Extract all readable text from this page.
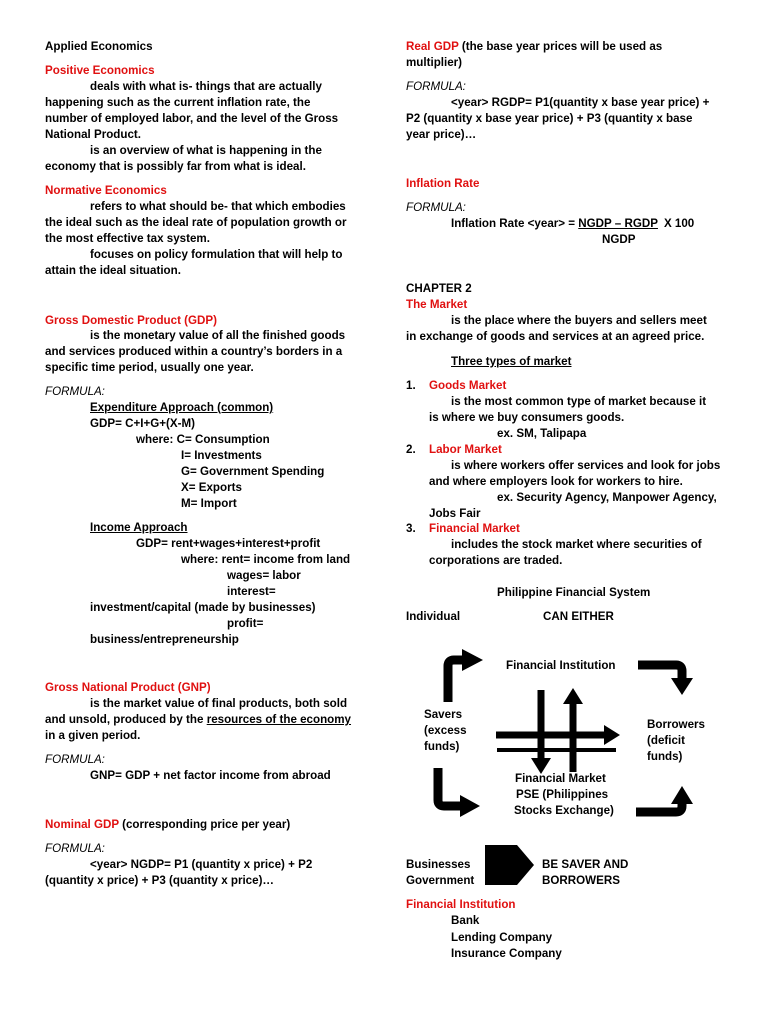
Applied Economics
Positive Economics
deals with what is- things that are actually
happening such as the current inflation rate, the
number of employed labor, and the level of the Gross
National Product.
is an overview of what is happening in the
economy that is possibly far from what is ideal.
Normative Economics
refers to what should be- that which embodies
the ideal such as the ideal rate of population growth or
the most effective tax system.
focuses on policy formulation that will help to
attain the ideal situation.
Gross Domestic Product (GDP)
is the monetary value of all the finished goods
and services produced within a country’s borders in a
specific time period, usually one year.
FORMULA:
Expenditure Approach (common)
GDP= C+I+G+(X-M)
where: C= Consumption
I= Investments
G= Government Spending
X= Exports
M= Import
Income Approach
GDP= rent+wages+interest+profit
where: rent= income from land
wages= labor
interest=
investment/capital (made by businesses)
profit=
business/entrepreneurship
Gross National Product (GNP)
is the market value of final products, both sold
and unsold, produced by the resources of the economy
in a given period.
FORMULA:
GNP= GDP + net factor income from abroad
Nominal GDP (corresponding price per year)
FORMULA:
<year> NGDP= P1 (quantity x price) + P2
(quantity x price) + P3 (quantity x price)…
Real GDP (the base year prices will be used as
multiplier)
FORMULA:
<year> RGDP= P1(quantity x base year price) +
P2 (quantity x base year price) + P3 (quantity x base
year price)…
Inflation Rate
FORMULA:
Inflation Rate <year> = NGDP – RGDP X 100
NGDP
CHAPTER 2
The Market
is the place where the buyers and sellers meet
in exchange of goods and services at an agreed price.
Three types of market
1. Goods Market
is the most common type of market because it
is where we buy consumers goods.
ex. SM, Talipapa
2. Labor Market
is where workers offer services and look for jobs
and where employers look for workers to hire.
ex. Security Agency, Manpower Agency,
Jobs Fair
3. Financial Market
includes the stock market where securities of
corporations are traded.
Philippine Financial System
Individual	CAN EITHER
Financial Institution
Savers
(excess
funds)
Borrowers
(deficit
funds)
Financial Market
PSE (Philippines
Stocks Exchange)
Businesses
Government
BE SAVER AND
BORROWERS
Financial Institution
Bank
Lending Company
Insurance Company
